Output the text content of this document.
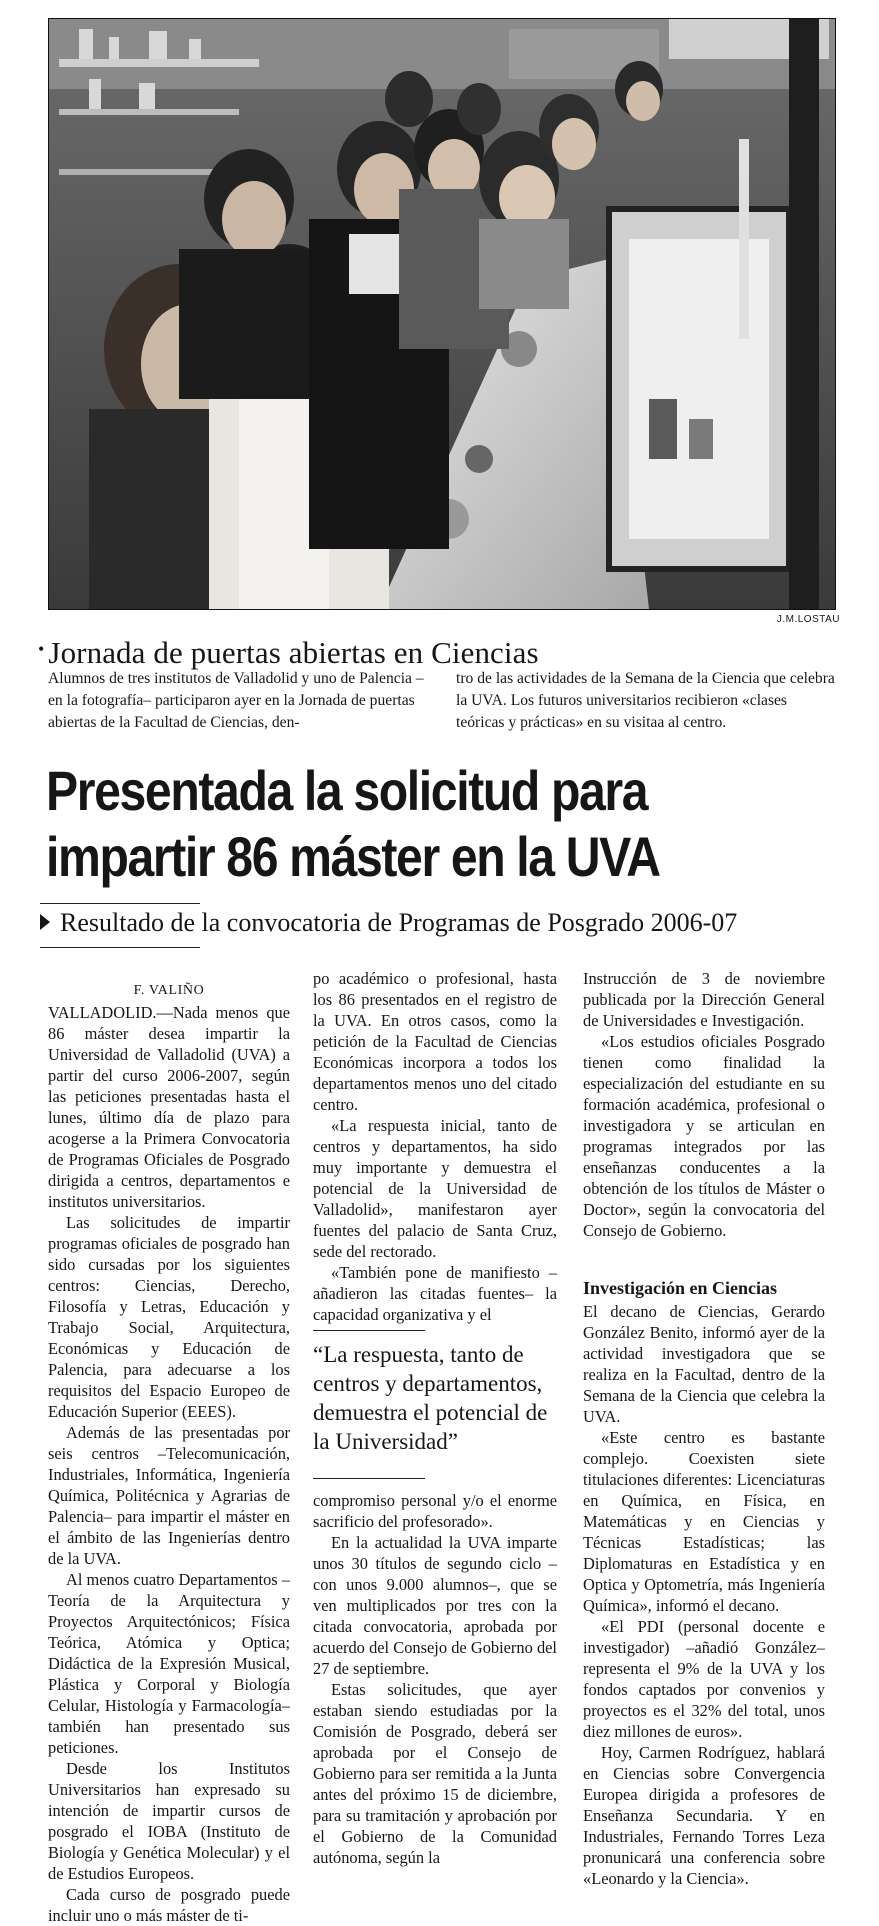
J.M.LOSTAU
• Jornada de puertas abiertas en Ciencias
Alumnos de tres institutos de Valladolid y uno de Palencia –en la fotografía– participaron ayer en la Jornada de puertas abiertas de la Facultad de Ciencias, den-
tro de las actividades de la Semana de la Ciencia que celebra la UVA. Los futuros universitarios recibieron «clases teóricas y prácticas» en su visitaa al centro.
Presentada la solicitud para
impartir 86 máster en la UVA
Resultado de la convocatoria de Programas de Posgrado 2006-07
F. VALIÑO

VALLADOLID.—Nada menos que 86 máster desea impartir la Universidad de Valladolid (UVA) a partir del curso 2006-2007, según las peticiones presentadas hasta el lunes, último día de plazo para acogerse a la Primera Convocatoria de Programas Oficiales de Posgrado dirigida a centros, departamentos e institutos universitarios.

Las solicitudes de impartir programas oficiales de posgrado han sido cursadas por los siguientes centros: Ciencias, Derecho, Filosofía y Letras, Educación y Trabajo Social, Arquitectura, Económicas y Educación de Palencia, para adecuarse a los requisitos del Espacio Europeo de Educación Superior (EEES).

Además de las presentadas por seis centros –Telecomunicación, Industriales, Informática, Ingeniería Química, Politécnica y Agrarias de Palencia– para impartir el máster en el ámbito de las Ingenierías dentro de la UVA.

Al menos cuatro Departamentos –Teoría de la Arquitectura y Proyectos Arquitectónicos; Física Teórica, Atómica y Optica; Didáctica de la Expresión Musical, Plástica y Corporal y Biología Celular, Histología y Farmacología– también han presentado sus peticiones.

Desde los Institutos Universitarios han expresado su intención de impartir cursos de posgrado el IOBA (Instituto de Biología y Genética Molecular) y el de Estudios Europeos.

Cada curso de posgrado puede incluir uno o más máster de ti-

po académico o profesional, hasta los 86 presentados en el registro de la UVA. En otros casos, como la petición de la Facultad de Ciencias Económicas incorpora a todos los departamentos menos uno del citado centro.

«La respuesta inicial, tanto de centros y departamentos, ha sido muy importante y demuestra el potencial de la Universidad de Valladolid», manifestaron ayer fuentes del palacio de Santa Cruz, sede del rectorado.

«También pone de manifiesto –añadieron las citadas fuentes– la capacidad organizativa y el

“La respuesta, tanto de centros y departamentos, demuestra el potencial de la Universidad”

compromiso personal y/o el enorme sacrificio del profesorado».

En la actualidad la UVA imparte unos 30 títulos de segundo ciclo –con unos 9.000 alumnos–, que se ven multiplicados por tres con la citada convocatoria, aprobada por acuerdo del Consejo de Gobierno del 27 de septiembre.

Estas solicitudes, que ayer estaban siendo estudiadas por la Comisión de Posgrado, deberá ser aprobada por el Consejo de Gobierno para ser remitida a la Junta antes del próximo 15 de diciembre, para su tramitación y aprobación por el Gobierno de la Comunidad autónoma, según la

Instrucción de 3 de noviembre publicada por la Dirección General de Universidades e Investigación.

«Los estudios oficiales Posgrado tienen como finalidad la especialización del estudiante en su formación académica, profesional o investigadora y se articulan en programas integrados por las enseñanzas conducentes a la obtención de los títulos de Máster o Doctor», según la convocatoria del Consejo de Gobierno.

Investigación en Ciencias

El decano de Ciencias, Gerardo González Benito, informó ayer de la actividad investigadora que se realiza en la Facultad, dentro de la Semana de la Ciencia que celebra la UVA.

«Este centro es bastante complejo. Coexisten siete titulaciones diferentes: Licenciaturas en Química, en Física, en Matemáticas y en Ciencias y Técnicas Estadísticas; las Diplomaturas en Estadística y en Optica y Optometría, más Ingeniería Química», informó el decano.

«El PDI (personal docente e investigador) –añadió González– representa el 9% de la UVA y los fondos captados por convenios y proyectos es el 32% del total, unos diez millones de euros».

Hoy, Carmen Rodríguez, hablará en Ciencias sobre Convergencia Europea dirigida a profesores de Enseñanza Secundaria. Y en Industriales, Fernando Torres Leza pronunicará una conferencia sobre «Leonardo y la Ciencia».
